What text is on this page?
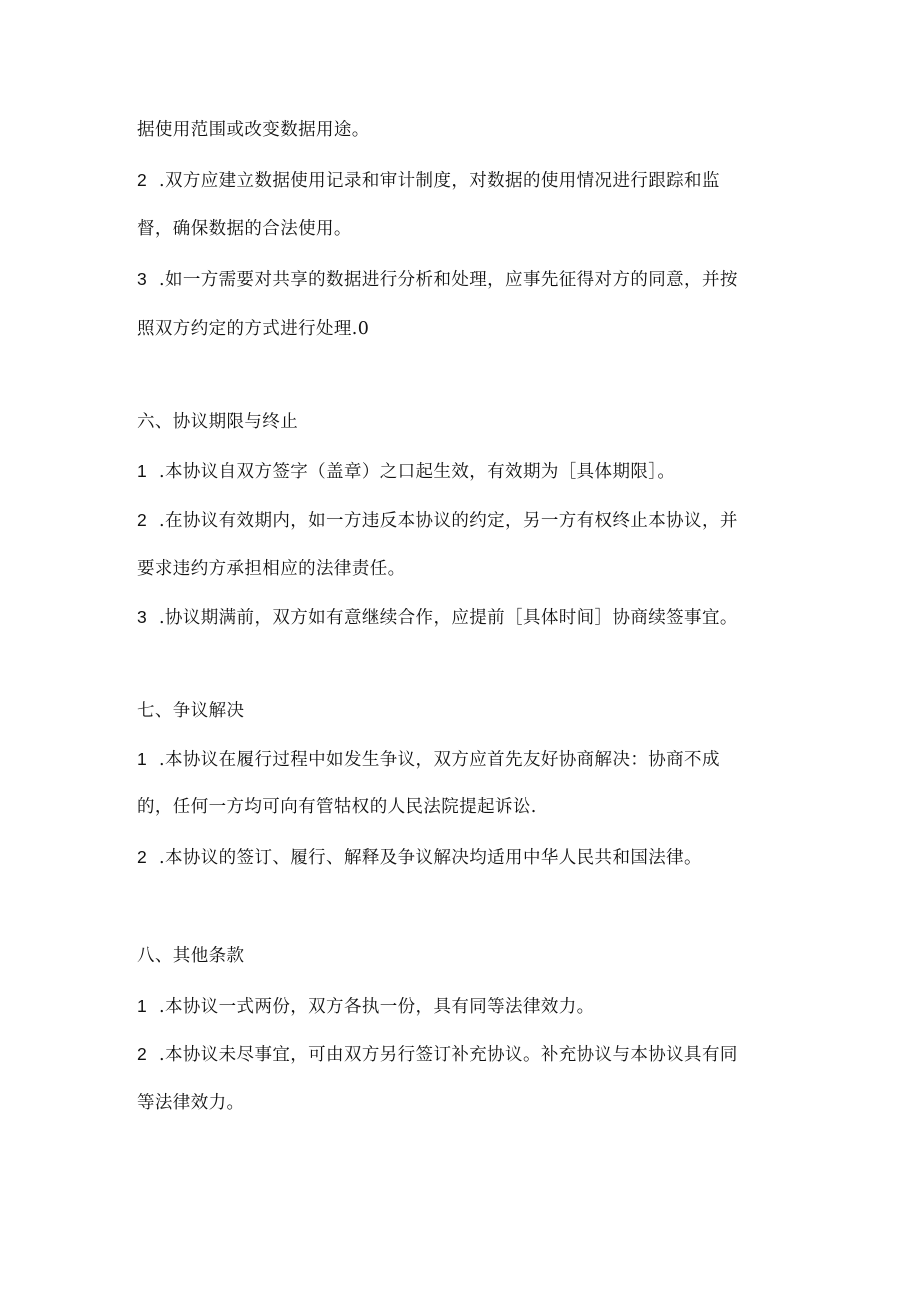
据使用范围或改变数据用途。
2 .双方应建立数据使用记录和审计制度，对数据的使用情况进行跟踪和监
督，确保数据的合法使用。
3 .如一方需要对共享的数据进行分析和处理，应事先征得对方的同意，并按
照双方约定的方式进行处理.0
六、协议期限与终止
1 .本协议自双方签字（盖章）之口起生效，有效期为［具体期限］。
2 .在协议有效期内，如一方违反本协议的约定，另一方有权终止本协议，并
要求违约方承担相应的法律责任。
3 .协议期满前，双方如有意继续合作，应提前［具体时间］协商续签事宜。
七、争议解决
1 .本协议在履行过程中如发生争议，双方应首先友好协商解决：协商不成
的，任何一方均可向有管牯权的人民法院提起诉讼.
2 .本协议的签订、履行、解释及争议解决均适用中华人民共和国法律。
八、其他条款
1 .本协议一式两份，双方各执一份，具有同等法律效力。
2 .本协议未尽事宜，可由双方另行签订补充协议。补充协议与本协议具有同
等法律效力。
